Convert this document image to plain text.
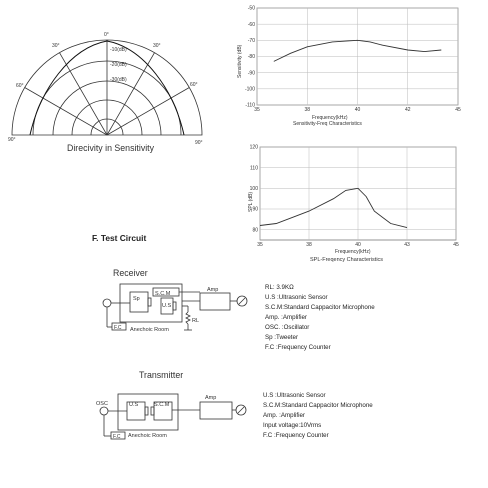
0°
30°	30°
60°	60°
90°	90°
-10(dB)
-20(dB)
-30(dB)
Direcivity in Sensitivity
-50
-60
-70
-80
-90
-100
-110
35	38	40	42	45
Sensitivity (dB)
Frequency(kHz)
Sensitivity-Freq Characteristics
120
110
100
90
80
35	38	40	43	45
SPL (dB)
Frequency(kHz)
SPL-Freqency Characteristics
F. Test Circuit
Receiver
Transmitter
Sp
U.S
S.C.M
Amp
F.C Anechoic Room
RL
OSC	U.S	S.C.M
Amp
F.C Anechoic Room
RL: 3.9KΩ
U.S :Ultrasonic Sensor
S.C.M:Standard Cappacitor Microphone
Amp. :Amplifier
OSC. :Oscillator
Sp :Tweeter
F.C :Frequency Counter
U.S :Ultrasonic Sensor
S.C.M:Standard Cappacitor Microphone
Amp. :Amplifier
Input voltage:10Vrms
F.C :Frequency Counter
